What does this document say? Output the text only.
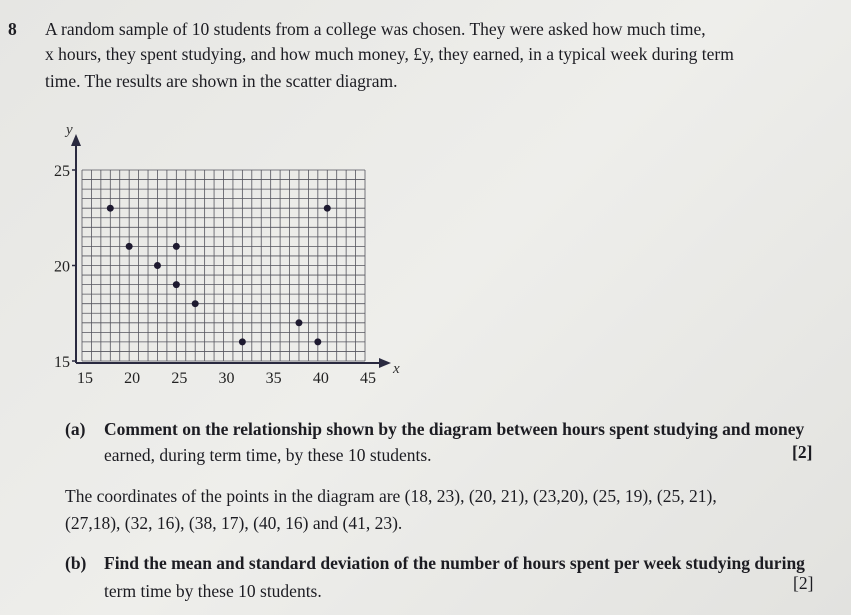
8 A random sample of 10 students from a college was chosen. They were asked how much time,
x hours, they spent studying, and how much money, £y, they earned, in a typical week during term
time. The results are shown in the scatter diagram.
15 20 25 30 35 40 45
15
20
25
y
x
(a) Comment on the relationship shown by the diagram between hours spent studying and money
earned, during term time, by these 10 students.	[2]
The coordinates of the points in the diagram are (18, 23), (20, 21), (23,20), (25, 19), (25, 21),
(27,18), (32, 16), (38, 17), (40, 16) and (41, 23).
(b) Find the mean and standard deviation of the number of hours spent per week studying during
term time by these 10 students.	[2]
